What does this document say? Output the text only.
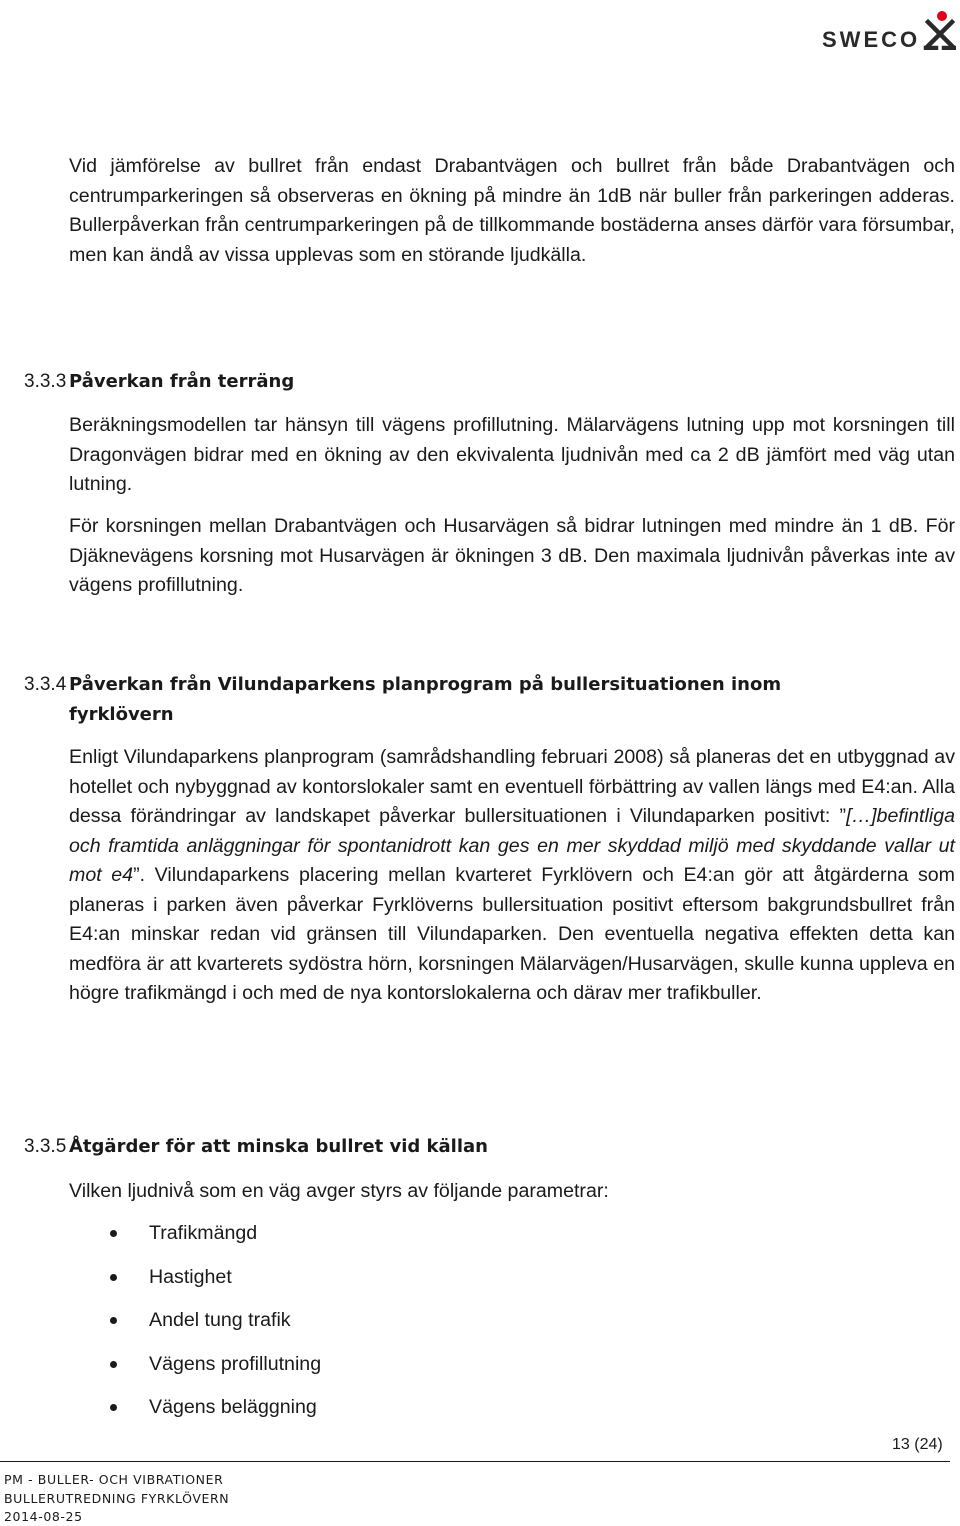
SWECO

Vid jämförelse av bullret från endast Drabantvägen och bullret från både Drabantvägen och centrumparkeringen så observeras en ökning på mindre än 1dB när buller från parkeringen adderas. Bullerpåverkan från centrumparkeringen på de tillkommande bostäderna anses därför vara försumbar, men kan ändå av vissa upplevas som en störande ljudkälla.

3.3.3 Påverkan från terräng

Beräkningsmodellen tar hänsyn till vägens profillutning. Mälarvägens lutning upp mot korsningen till Dragonvägen bidrar med en ökning av den ekvivalenta ljudnivån med ca 2 dB jämfört med väg utan lutning.

För korsningen mellan Drabantvägen och Husarvägen så bidrar lutningen med mindre än 1 dB. För Djäknevägens korsning mot Husarvägen är ökningen 3 dB. Den maximala ljudnivån påverkas inte av vägens profillutning.

3.3.4 Påverkan från Vilundaparkens planprogram på bullersituationen inom
fyrklövern

Enligt Vilundaparkens planprogram (samrådshandling februari 2008) så planeras det en utbyggnad av hotellet och nybyggnad av kontorslokaler samt en eventuell förbättring av vallen längs med E4:an. Alla dessa förändringar av landskapet påverkar bullersituationen i Vilundaparken positivt: ”[…]befintliga och framtida anläggningar för spontanidrott kan ges en mer skyddad miljö med skyddande vallar ut mot e4”. Vilundaparkens placering mellan kvarteret Fyrklövern och E4:an gör att åtgärderna som planeras i parken även påverkar Fyrklöverns bullersituation positivt eftersom bakgrundsbullret från E4:an minskar redan vid gränsen till Vilundaparken. Den eventuella negativa effekten detta kan medföra är att kvarterets sydöstra hörn, korsningen Mälarvägen/Husarvägen, skulle kunna uppleva en högre trafikmängd i och med de nya kontorslokalerna och därav mer trafikbuller.

3.3.5 Åtgärder för att minska bullret vid källan

Vilken ljudnivå som en väg avger styrs av följande parametrar:

Trafikmängd
Hastighet
Andel tung trafik
Vägens profillutning
Vägens beläggning
13 (24)
PM - BULLER- OCH VIBRATIONER
BULLERUTREDNING FYRKLÖVERN
2014-08-25
